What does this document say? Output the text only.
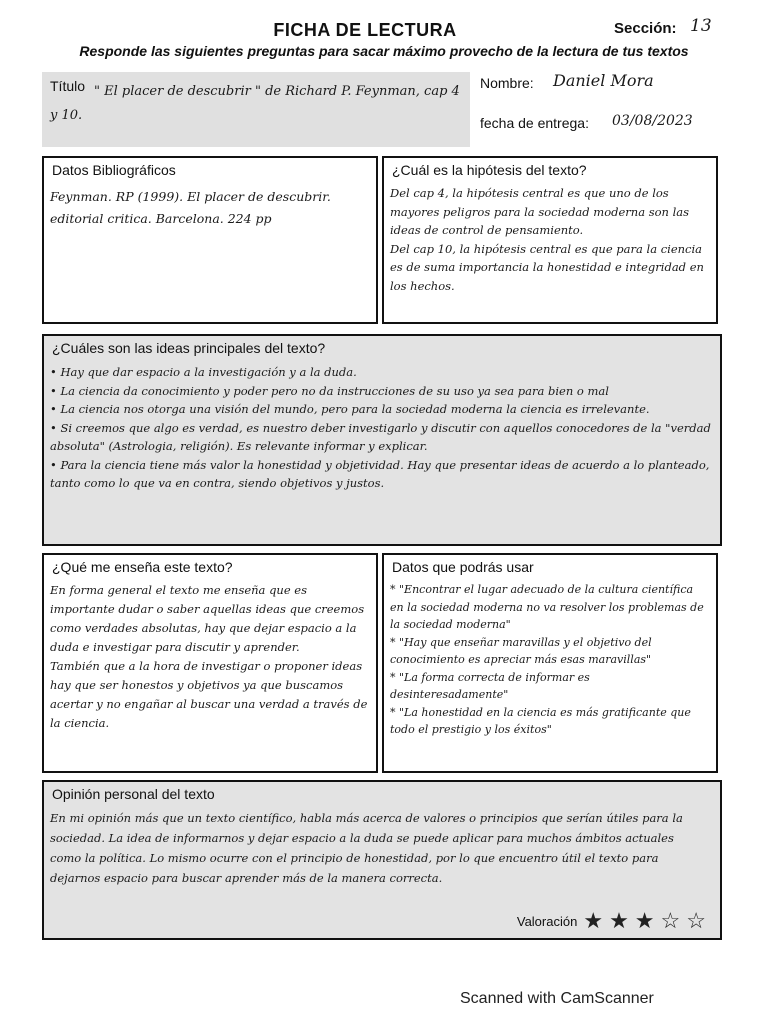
FICHA DE LECTURA	Sección: 13
Responde las siguientes preguntas para sacar máximo provecho de la lectura de tus textos
Título " El placer de descubrir " de Richard P. Feynman, cap 4 y 10.
Nombre: Daniel Mora
fecha de entrega: 03/08/2023
Datos Bibliográficos
Feynman. RP (1999). El placer de descubrir. editorial critica. Barcelona. 224 pp
¿Cuál es la hipótesis del texto?

Del cap 4, la hipótesis central es que uno de los mayores peligros para la sociedad moderna son las ideas de control de pensamiento.

Del cap 10, la hipótesis central es que para la ciencia es de suma importancia la honestidad e integridad en los hechos.

¿Cuáles son las ideas principales del texto?

• Hay que dar espacio a la investigación y a la duda.

• La ciencia da conocimiento y poder pero no da instrucciones de su uso ya sea para bien o mal

• La ciencia nos otorga una visión del mundo, pero para la sociedad moderna la ciencia es irrelevante.

• Si creemos que algo es verdad, es nuestro deber investigarlo y discutir con aquellos conocedores de la "verdad absoluta" (Astrologia, religión). Es relevante informar y explicar.

• Para la ciencia tiene más valor la honestidad y objetividad. Hay que presentar ideas de acuerdo a lo planteado, tanto como lo que va en contra, siendo objetivos y justos.

¿Qué me enseña este texto?

En forma general el texto me enseña que es importante dudar o saber aquellas ideas que creemos como verdades absolutas, hay que dejar espacio a la duda e investigar para discutir y aprender.

También que a la hora de investigar o proponer ideas hay que ser honestos y objetivos ya que buscamos acertar y no engañar al buscar una verdad a través de la ciencia.

Datos que podrás usar

* "Encontrar el lugar adecuado de la cultura científica en la sociedad moderna no va resolver los problemas de la sociedad moderna"

* "Hay que enseñar maravillas y el objetivo del conocimiento es apreciar más esas maravillas"

* "La forma correcta de informar es desinteresadamente"

* "La honestidad en la ciencia es más gratificante que todo el prestigio y los éxitos"

Opinión personal del texto
En mi opinión más que un texto científico, habla más acerca de valores o principios que serían útiles para la sociedad. La idea de informarnos y dejar espacio a la duda se puede aplicar para muchos ámbitos actuales como la política. Lo mismo ocurre con el principio de honestidad, por lo que encuentro útil el texto para dejarnos espacio para buscar aprender más de la manera correcta.
Valoración ★ ★ ★ ☆ ☆
Scanned with CamScanner
